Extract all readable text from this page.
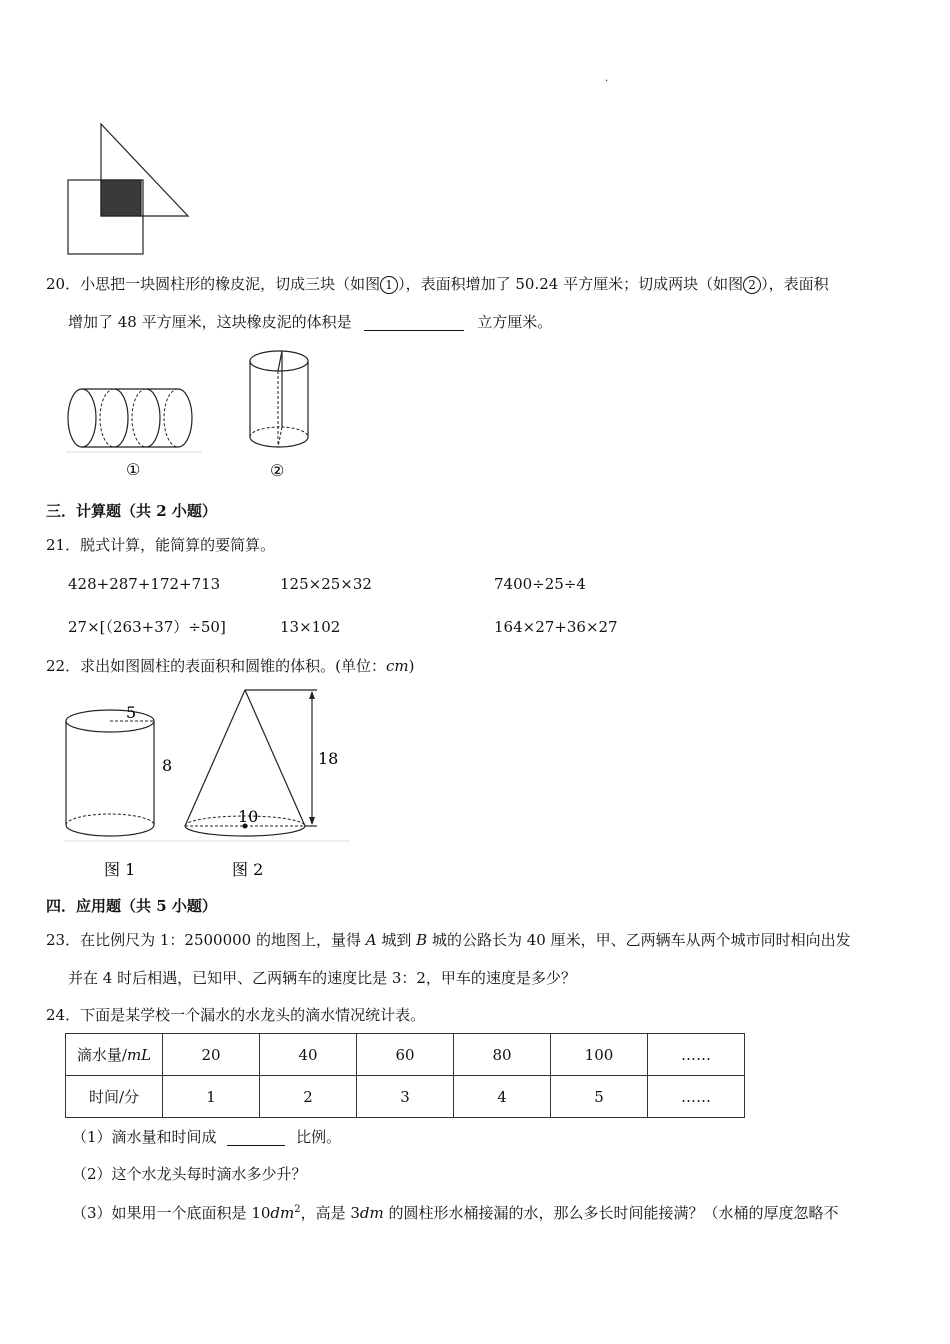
.
20．小思把一块圆柱形的橡皮泥，切成三块（如图 1 ），表面积增加了 50.24 平方厘米；切成两块（如图 2 ），表面积
增加了 48 平方厘米，这块橡皮泥的体积是	立方厘米。
①	②
三．计算题（共 2 小题）
21．脱式计算，能简算的要简算。
428+287+172+713	125×25×32	7400÷25÷4
27×[（263+37）÷50]	13×102	164×27+36×27
22．求出如图圆柱的表面积和圆锥的体积。(单位：cm)
5
8	18
10
图 1	图 2
四．应用题（共 5 小题）
23．在比例尺为 1：2500000 的地图上，量得 A 城到 B 城的公路长为 40 厘米，甲、乙两辆车从两个城市同时相向出发
并在 4 时后相遇，已知甲、乙两辆车的速度比是 3：2，甲车的速度是多少？
24．下面是某学校一个漏水的水龙头的滴水情况统计表。
滴水量/mL	20	40	60	80	100	……
时间/分	1	2	3	4	5	……
（1）滴水量和时间成	比例。
（2）这个水龙头每时滴水多少升？
（3）如果用一个底面积是 $10dm^2$，高是 3dm 的圆柱形水桶接漏的水，那么多长时间能接满？（水桶的厚度忽略不
